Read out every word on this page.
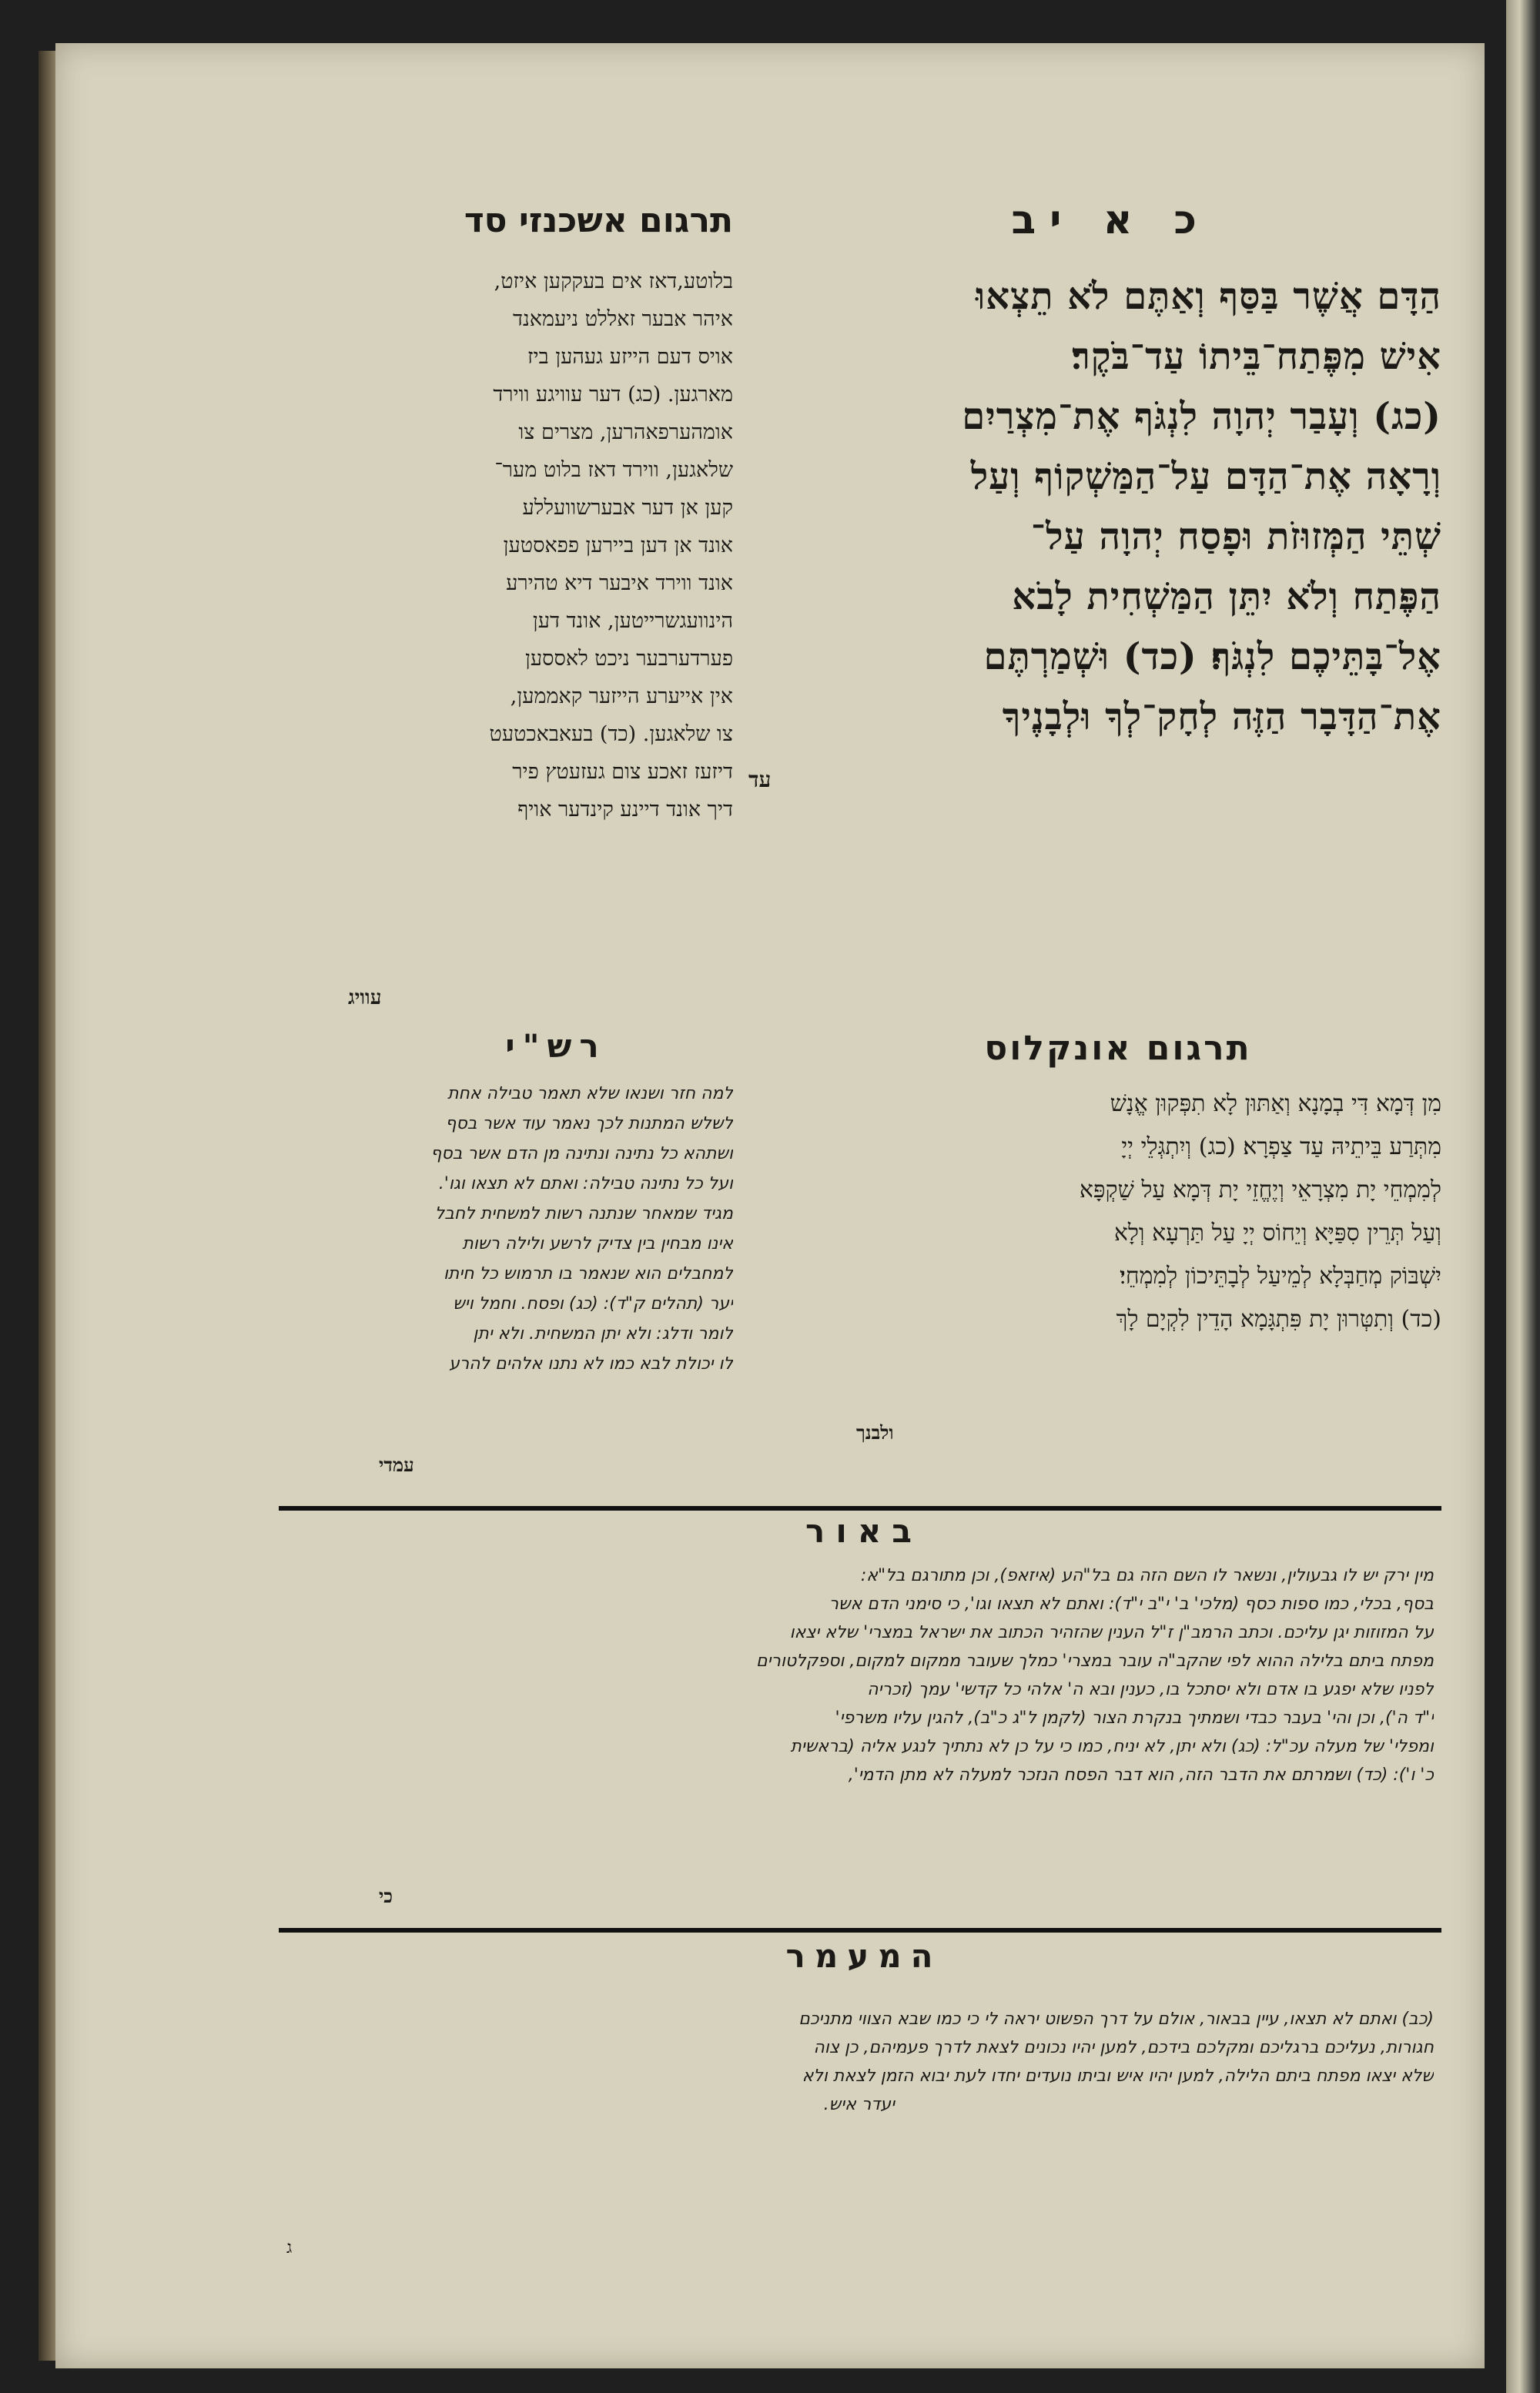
תרגום אשכנזי סד	כ א יב
הַדָּם אֲשֶׁר בַּסַּף וְאַתֶּם לֹא תֵצְאוּ
אִישׁ מִפֶּתַח־בֵּיתוֹ עַד־בֹּקֶר׃
(כג) וְעָבַר יְהוָה לִנְגֹּף אֶת־מִצְרַיִם
וְרָאָה אֶת־הַדָּם עַל־הַמַּשְׁקוֹף וְעַל
שְׁתֵּי הַמְּזוּזֹת וּפָסַח יְהוָה עַל־
הַפֶּתַח וְלֹא יִתֵּן הַמַּשְׁחִית לָבֹא
אֶל־בָּתֵּיכֶם לִנְגֹּף׃ (כד) וּשְׁמַרְתֶּם
אֶת־הַדָּבָר הַזֶּה לְחָק־לְךָ וּלְבָנֶיךָ
עד
בלוטע,דאז אים בעקקען איזט,
איהר אבער זאללט ניעמאנד
אויס דעם הייזע געהען ביז
מארגען. (כג) דער עוויגע ווירד
אומהערפאהרען, מצרים צו
שלאגען, ווירד דאז בלוט מער־
קען אן דער אבערשוועללע
אונד אן דען ביירען פפאסטען
אונד ווירד איבער דיא טהירע
הינוועגשרייטען, אונד דען
פערדערבער ניכט לאססען
אין אייערע הייזער קאממען,
צו שלאגען. (כד) בעאבאכטעט
דיזעז זאכע צום געזעטץ פיר
דיך אונד דיינע קינדער אויף
עוויג
תרגום אונקלוס
מִן דְּמָא דִּי בְמָנָא וְאַתּוּן לָא תִפְּקוּן אֱנָשׁ
מִתְּרַע בֵּיתֵיהּ עַד צַפְרָא׃ (כג) וְיִתְגְּלֵי יְיָ
לְמִמְחֵי יָת מִצְרָאֵי וְיֶחֱזֵי יָת דְּמָא עַל שַׁקְפָּא
וְעַל תְּרֵין סִפַּיָּא וְיֵחוֹס יְיָ עַל תַּרְעָא וְלָא
יִשְׁבּוֹק מְחַבְּלָא לְמֵיעַל לְבָתֵּיכוֹן לְמִמְחֵי׃
(כד) וְתִטְּרוּן יָת פִּתְגָּמָא הָדֵין לִקְיָם לָךְ
ולבנך
רש"י
למה חזר ושנאו שלא תאמר טבילה אחת
לשלש המתנות לכך נאמר עוד אשר בסף
ושתהא כל נתינה ונתינה מן הדם אשר בסף
ועל כל נתינה טבילה: ואתם לא תצאו וגו'.
מגיד שמאחר שנתנה רשות למשחית לחבל
אינו מבחין בין צדיק לרשע ולילה רשות
למחבלים הוא שנאמר בו תרמוש כל חיתו
יער (תהלים ק"ד): (כג) ופסח. וחמל ויש
לומר ודלג: ולא יתן המשחית. ולא יתן
לו יכולת לבא כמו לא נתנו אלהים להרע
עמדי
באור
מין ירק יש לו גבעולין, ונשאר לו השם הזה גם בל"הע (איזאפ), וכן מתורגם בל"א:
בסף, בכלי, כמו ספות כסף (מלכי' ב' י"ב י"ד): ואתם לא תצאו וגו', כי סימני הדם אשר
על המזוזות יגן עליכם. וכתב הרמב"ן ז"ל הענין שהזהיר הכתוב את ישראל במצרי' שלא יצאו
מפתח ביתם בלילה ההוא לפי שהקב"ה עובר במצרי' כמלך שעובר ממקום למקום, וספקלטורים
לפניו שלא יפגע בו אדם ולא יסתכל בו, כענין ובא ה' אלהי כל קדשי' עמך (זכריה
י"ד ה'), וכן והי' בעבר כבדי ושמתיך בנקרת הצור (לקמן ל"ג כ"ב), להגין עליו משרפי'
ומפלי' של מעלה עכ"ל: (כג) ולא יתן, לא יניח, כמו כי על כן לא נתתיך לנגע אליה (בראשית
כ' ו'): (כד) ושמרתם את הדבר הזה, הוא דבר הפסח הנזכר למעלה לא מתן הדמי',
כי
המעמר
(כב) ואתם לא תצאו, עיין בבאור, אולם על דרך הפשוט יראה לי כי כמו שבא הצווי מתניכם
חגורות, נעליכם ברגליכם ומקלכם בידכם, למען יהיו נכונים לצאת לדרך פעמיהם, כן צוה
שלא יצאו מפתח ביתם הלילה, למען יהיו איש וביתו נועדים יחדו לעת יבוא הזמן לצאת ולא
יעדר איש.
ג
